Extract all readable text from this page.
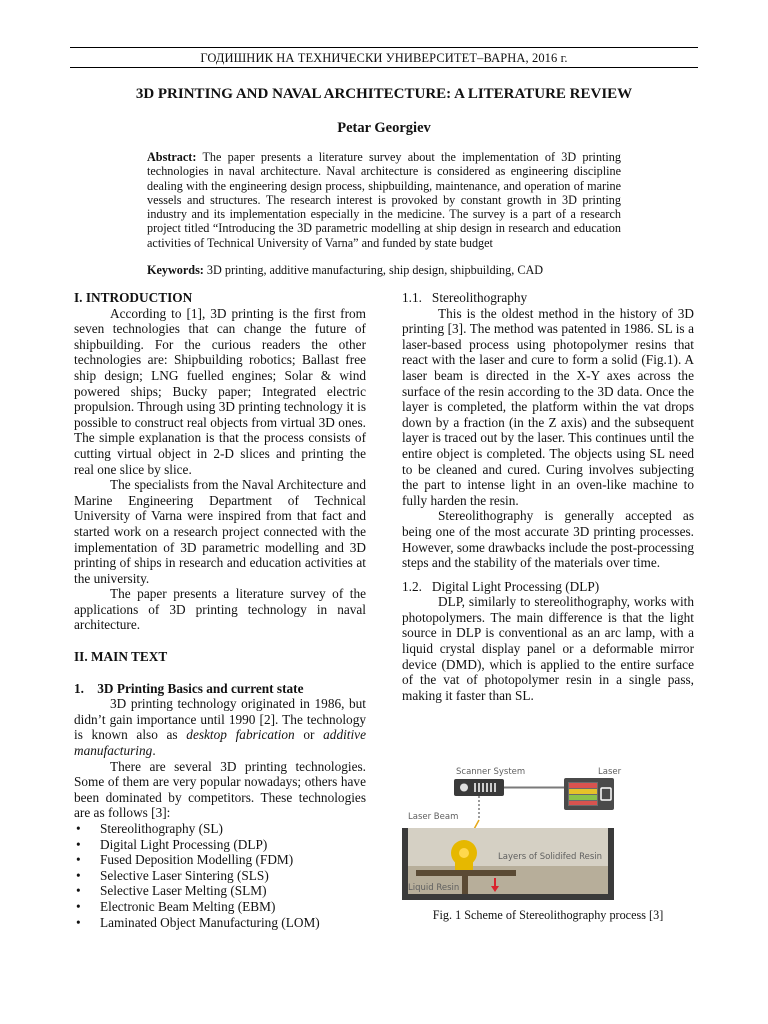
ГОДИШНИК НА ТЕХНИЧЕСКИ УНИВЕРСИТЕТ–ВАРНА, 2016 г.
3D PRINTING AND NAVAL ARCHITECTURE: A LITERATURE REVIEW
Petar Georgiev

Abstract: The paper presents a literature survey about the implementation of 3D printing technologies in naval architecture. Naval architecture is considered as engineering discipline dealing with the engineering design process, shipbuilding, maintenance, and operation of marine vessels and structures. The research interest is provoked by constant growth in 3D printing industry and its implementation especially in the medicine. The survey is a part of a research project titled “Introducing the 3D parametric modelling at ship design in research and education activities of Technical University of Varna” and funded by state budget

Keywords: 3D printing, additive manufacturing, ship design, shipbuilding, CAD

I. INTRODUCTION

According to [1], 3D printing is the first from seven technologies that can change the future of shipbuilding. For the curious readers the other technologies are: Shipbuilding robotics; Ballast free ship design; LNG fuelled engines; Solar & wind powered ships; Bucky paper; Integrated electric propulsion. Through using 3D printing technology it is possible to construct real objects from virtual 3D ones. The simple explanation is that the process consists of cutting virtual object in 2-D slices and printing the real one slice by slice.

The specialists from the Naval Architecture and Marine Engineering Department of Technical University of Varna were inspired from that fact and started work on a research project connected with the implementation of 3D parametric modelling and 3D printing of ships in research and education activities at the university.

The paper presents a literature survey of the applications of 3D printing technology in naval architecture.

II. MAIN TEXT

1.    3D Printing Basics and current state

3D printing technology originated in 1986, but didn’t gain importance until 1990 [2]. The technology is known also as desktop fabrication or additive manufacturing.

There are several 3D printing technologies. Some of them are very popular nowadays; others have been dominated by competitors. These technologies are as follows [3]:

• Stereolithography (SL)
• Digital Light Processing (DLP)
• Fused Deposition Modelling (FDM)
• Selective Laser Sintering (SLS)
• Selective Laser Melting (SLM)
• Electronic Beam Melting (EBM)
• Laminated Object Manufacturing (LOM)

1.1.   Stereolithography

This is the oldest method in the history of 3D printing [3]. The method was patented in 1986. SL is a laser-based process using photopolymer resins that react with the laser and cure to form a solid (Fig.1). A laser beam is directed in the X-Y axes across the surface of the resin according to the 3D data. Once the layer is completed, the platform within the vat drops down by a fraction (in the Z axis) and the subsequent layer is traced out by the laser. This continues until the entire object is completed. The objects using SL need to be cleaned and cured. Curing involves subjecting the part to intense light in an oven-like machine to fully harden the resin.

Stereolithography is generally accepted as being one of the most accurate 3D printing processes. However, some drawbacks include the post-processing steps and the stability of the materials over time.

1.2.   Digital Light Processing (DLP)

DLP, similarly to stereolithography, works with photopolymers. The main difference is that the light source in DLP is conventional as an arc lamp, with a liquid crystal display panel or a deformable mirror device (DMD), which is applied to the entire surface of the vat of photopolymer resin in a single pass, making it faster than SL.

Scanner System	Laser
Laser Beam
Layers of Solidifed Resin
Liquid Resin
Fig. 1 Scheme of Stereolithography process [3]
